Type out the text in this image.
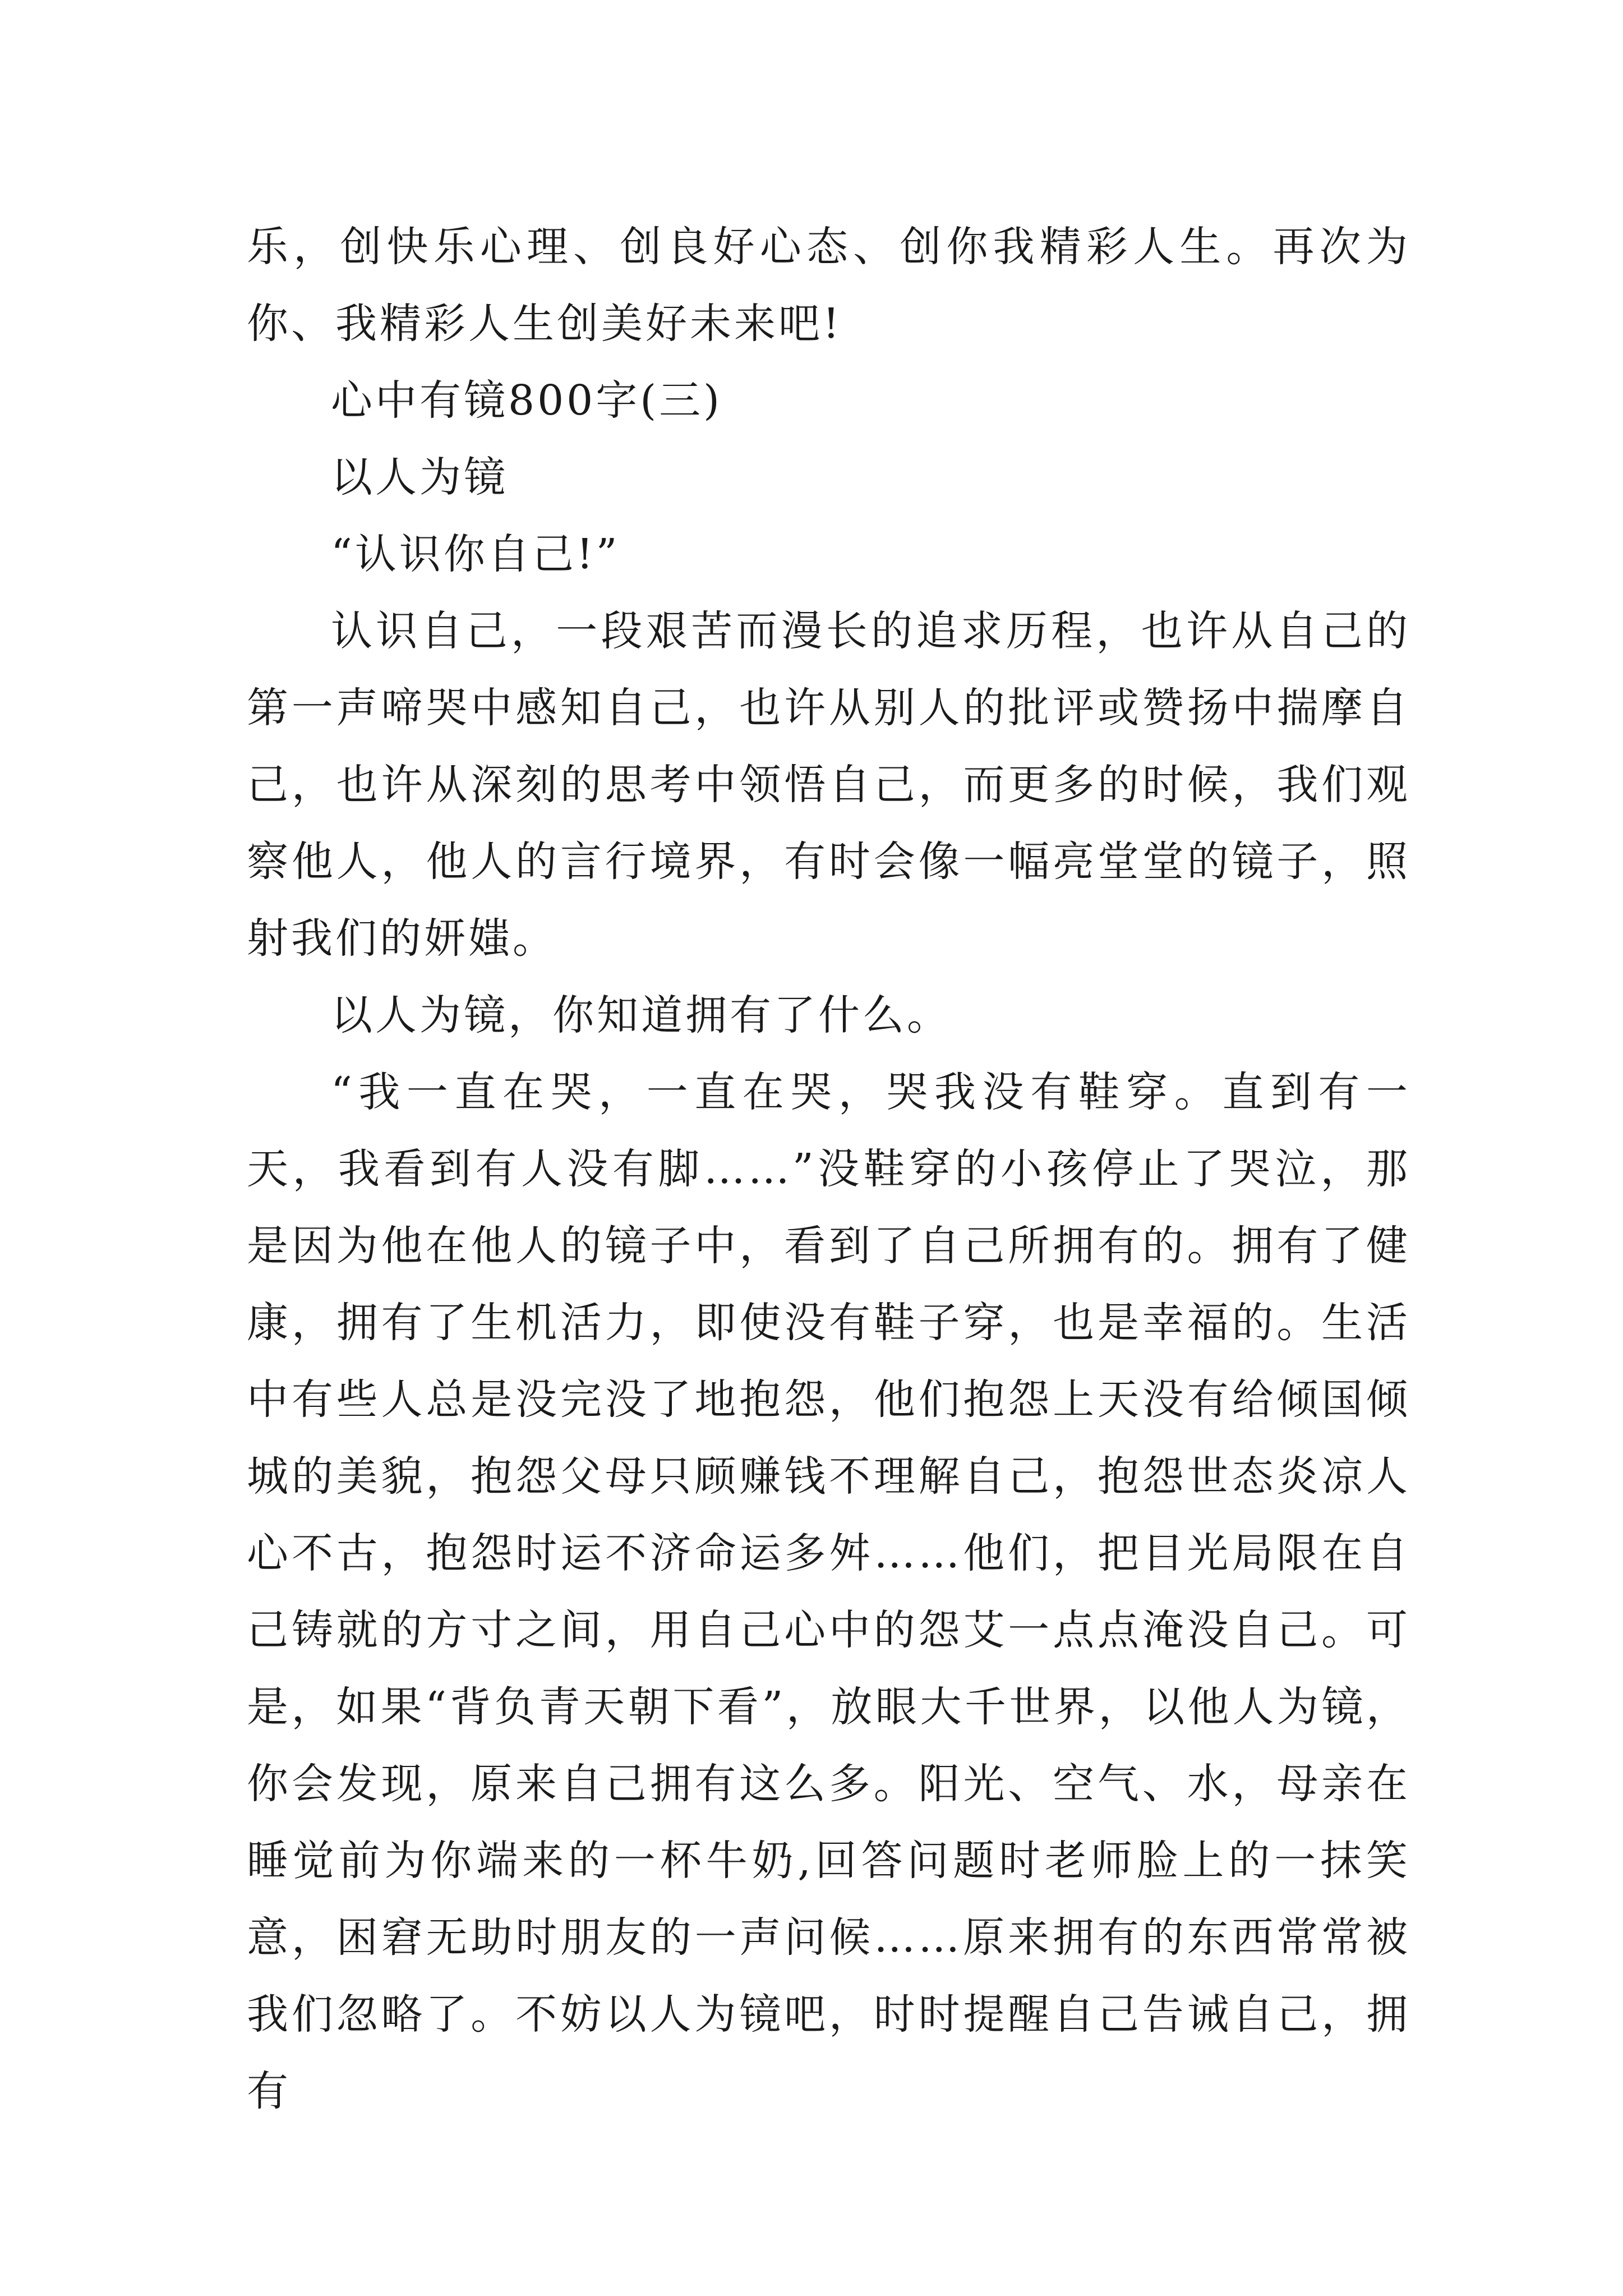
乐，创快乐心理、创良好心态、创你我精彩人生。再次为你、我精彩人生创美好未来吧!

心中有镜800字(三)

以人为镜

“认识你自己!”

认识自己，一段艰苦而漫长的追求历程，也许从自己的第一声啼哭中感知自己，也许从别人的批评或赞扬中揣摩自己，也许从深刻的思考中领悟自己，而更多的时候，我们观察他人，他人的言行境界，有时会像一幅亮堂堂的镜子，照射我们的妍媸。

以人为镜，你知道拥有了什么。

“我一直在哭，一直在哭，哭我没有鞋穿。直到有一天，我看到有人没有脚……”没鞋穿的小孩停止了哭泣，那是因为他在他人的镜子中，看到了自己所拥有的。拥有了健康，拥有了生机活力，即使没有鞋子穿，也是幸福的。生活中有些人总是没完没了地抱怨，他们抱怨上天没有给倾国倾城的美貌，抱怨父母只顾赚钱不理解自己，抱怨世态炎凉人心不古，抱怨时运不济命运多舛……他们，把目光局限在自己铸就的方寸之间，用自己心中的怨艾一点点淹没自己。可是，如果“背负青天朝下看”，放眼大千世界，以他人为镜，你会发现，原来自己拥有这么多。阳光、空气、水，母亲在睡觉前为你端来的一杯牛奶,回答问题时老师脸上的一抹笑意，困窘无助时朋友的一声问候……原来拥有的东西常常被我们忽略了。不妨以人为镜吧，时时提醒自己告诫自己，拥有
